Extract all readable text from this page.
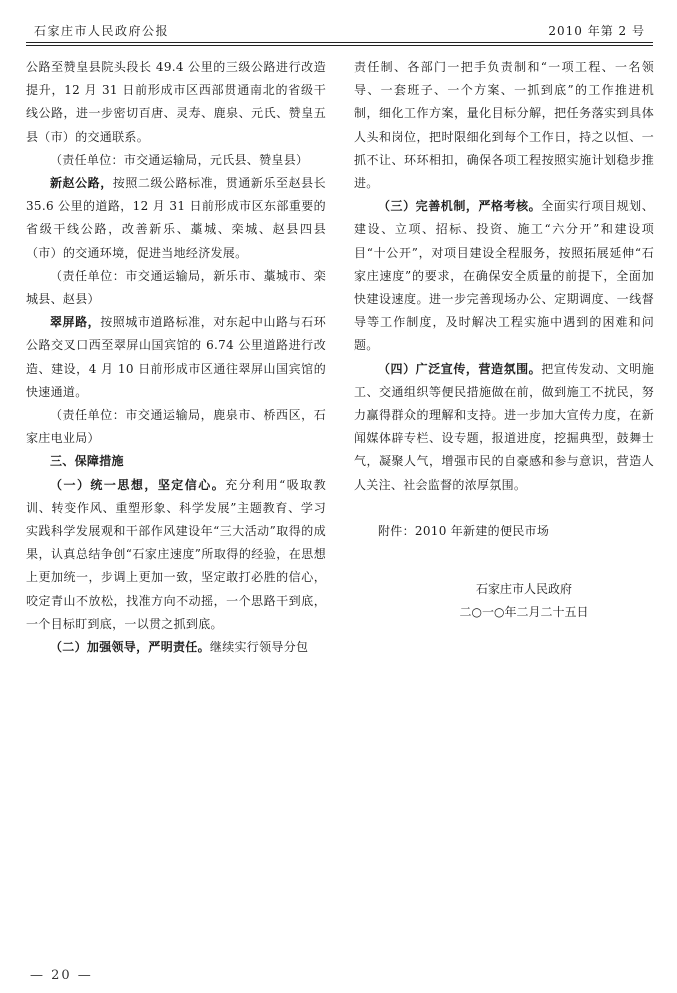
石家庄市人民政府公报	2010 年第 2 号

公路至赞皇县院头段长 49.4 公里的三级公路进行改造提升，12 月 31 日前形成市区西部贯通南北的省级干线公路，进一步密切百唐、灵寿、鹿泉、元氏、赞皇五县（市）的交通联系。

（责任单位：市交通运输局，元氏县、赞皇县）

新赵公路，按照二级公路标准，贯通新乐至赵县长 35.6 公里的道路，12 月 31 日前形成市区东部重要的省级干线公路，改善新乐、藁城、栾城、赵县四县（市）的交通环境，促进当地经济发展。

（责任单位：市交通运输局，新乐市、藁城市、栾城县、赵县）

翠屏路，按照城市道路标准，对东起中山路与石环公路交叉口西至翠屏山国宾馆的 6.74 公里道路进行改造、建设，4 月 10 日前形成市区通往翠屏山国宾馆的快速通道。

（责任单位：市交通运输局，鹿泉市、桥西区，石家庄电业局）

三、保障措施

（一）统一思想，坚定信心。充分利用“吸取教训、转变作风、重塑形象、科学发展”主题教育、学习实践科学发展观和干部作风建设年“三大活动”取得的成果，认真总结争创“石家庄速度”所取得的经验，在思想上更加统一，步调上更加一致，坚定敢打必胜的信心，咬定青山不放松，找准方向不动摇，一个思路干到底，一个目标盯到底，一以贯之抓到底。

（二）加强领导，严明责任。继续实行领导分包

责任制、各部门一把手负责制和“一项工程、一名领导、一套班子、一个方案、一抓到底”的工作推进机制，细化工作方案，量化目标分解，把任务落实到具体人头和岗位，把时限细化到每个工作日，持之以恒、一抓不让、环环相扣，确保各项工程按照实施计划稳步推进。

（三）完善机制，严格考核。全面实行项目规划、建设、立项、招标、投资、施工“六分开”和建设项目“十公开”，对项目建设全程服务，按照拓展延伸“石家庄速度”的要求，在确保安全质量的前提下，全面加快建设速度。进一步完善现场办公、定期调度、一线督导等工作制度，及时解决工程实施中遇到的困难和问题。

（四）广泛宣传，营造氛围。把宣传发动、文明施工、交通组织等便民措施做在前，做到施工不扰民，努力赢得群众的理解和支持。进一步加大宣传力度，在新闻媒体辟专栏、设专题，报道进度，挖掘典型，鼓舞士气，凝聚人气，增强市民的自豪感和参与意识，营造人人关注、社会监督的浓厚氛围。

附件：2010 年新建的便民市场

石家庄市人民政府
二○一○年二月二十五日
— 20 —
